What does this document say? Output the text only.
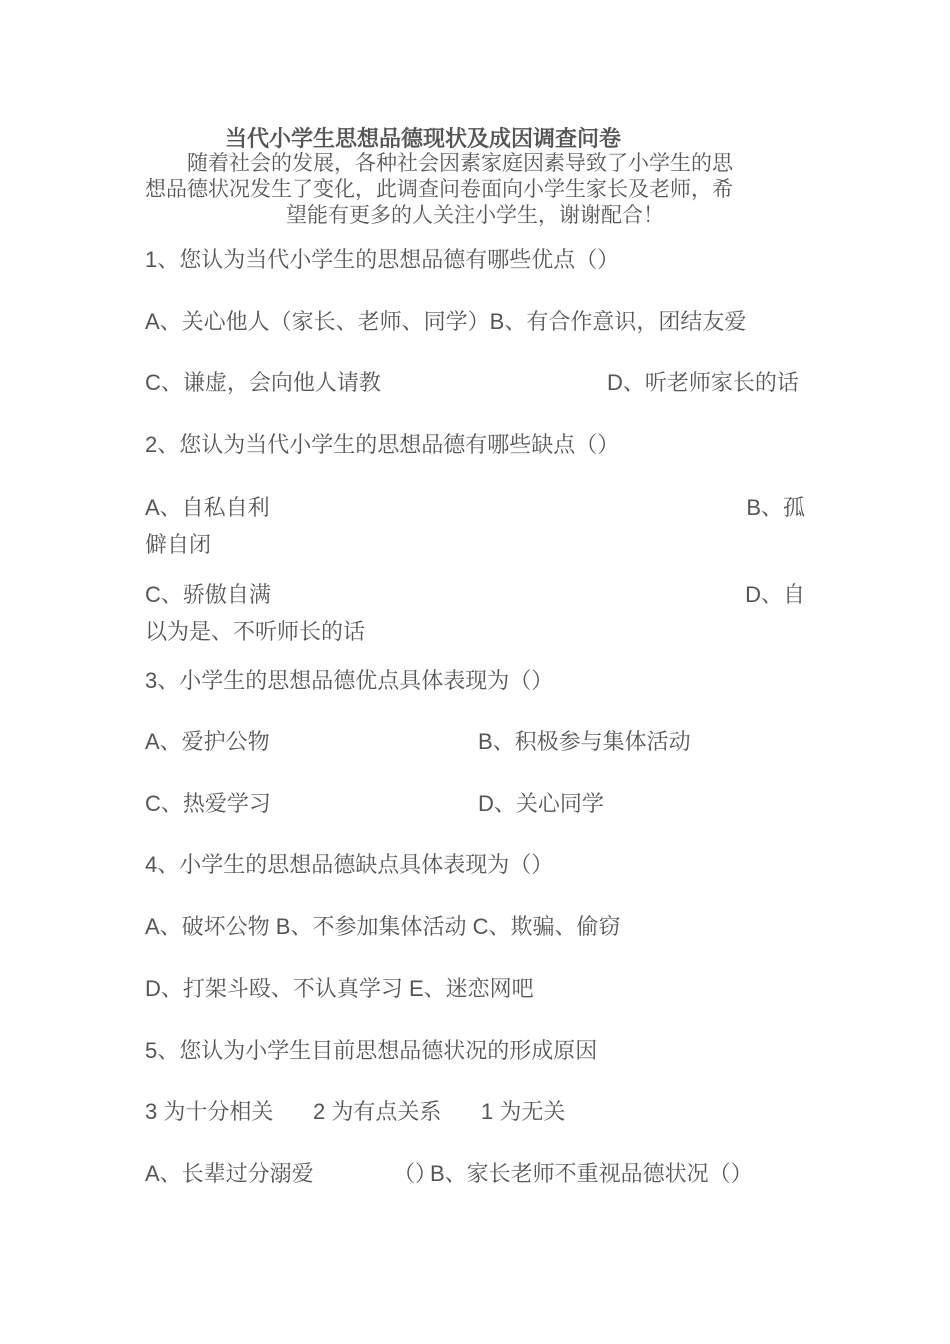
当代小学生思想品德现状及成因调查问卷
随着社会的发展，各种社会因素家庭因素导致了小学生的思
想品德状况发生了变化，此调查问卷面向小学生家长及老师，希
望能有更多的人关注小学生，谢谢配合！
1、您认为当代小学生的思想品德有哪些优点（）
A、关心他人（家长、老师、同学）B、有合作意识，团结友爱
C、谦虚，会向他人请教	D、听老师家长的话
2、您认为当代小学生的思想品德有哪些缺点（）
A、自私自利	B、孤
僻自闭
C、骄傲自满	D、自
以为是、不听师长的话
3、小学生的思想品德优点具体表现为（）
A、爱护公物	B、积极参与集体活动
C、热爱学习	D、关心同学
4、小学生的思想品德缺点具体表现为（）
A、破坏公物 B、不参加集体活动 C、欺骗、偷窃
D、打架斗殴、不认真学习 E、迷恋网吧
5、您认为小学生目前思想品德状况的形成原因
3 为十分相关 2 为有点关系 1 为无关
A、长辈过分溺爱	（）
B、家长老师不重视品德状况（）
